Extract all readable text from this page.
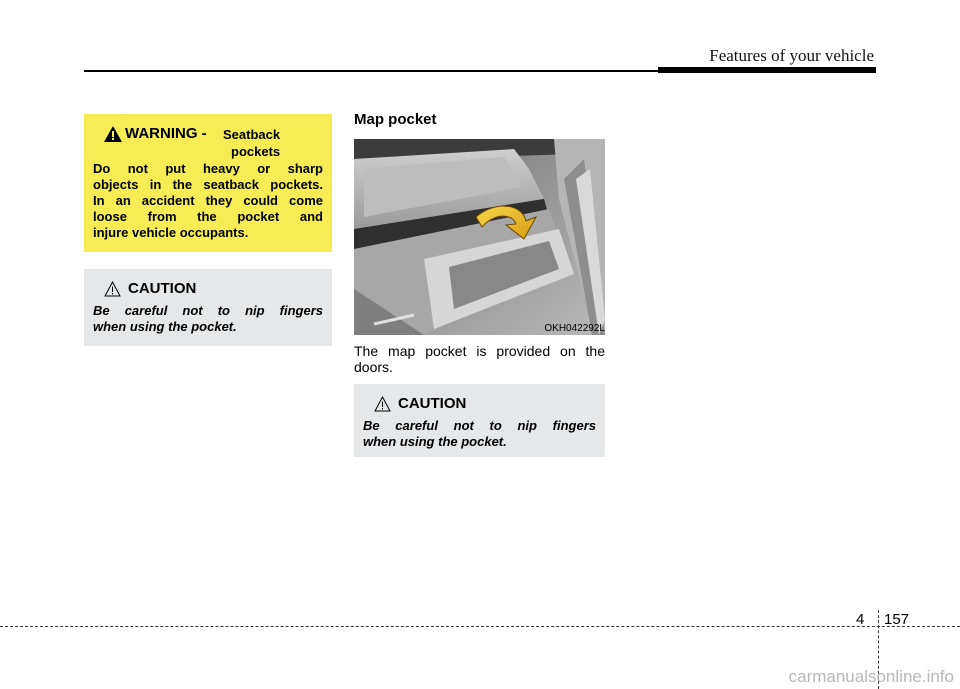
Features of your vehicle
WARNING - Seatback
pockets

Do not put heavy or sharp
objects in the seatback pockets.
In an accident they could come
loose from the pocket and
injure vehicle occupants.

CAUTION

Be careful not to nip fingers
when using the pocket.

Map pocket
OKH042292L

The map pocket is provided on the
doors.

CAUTION

Be careful not to nip fingers
when using the pocket.

4 157
carmanualsonline.info
